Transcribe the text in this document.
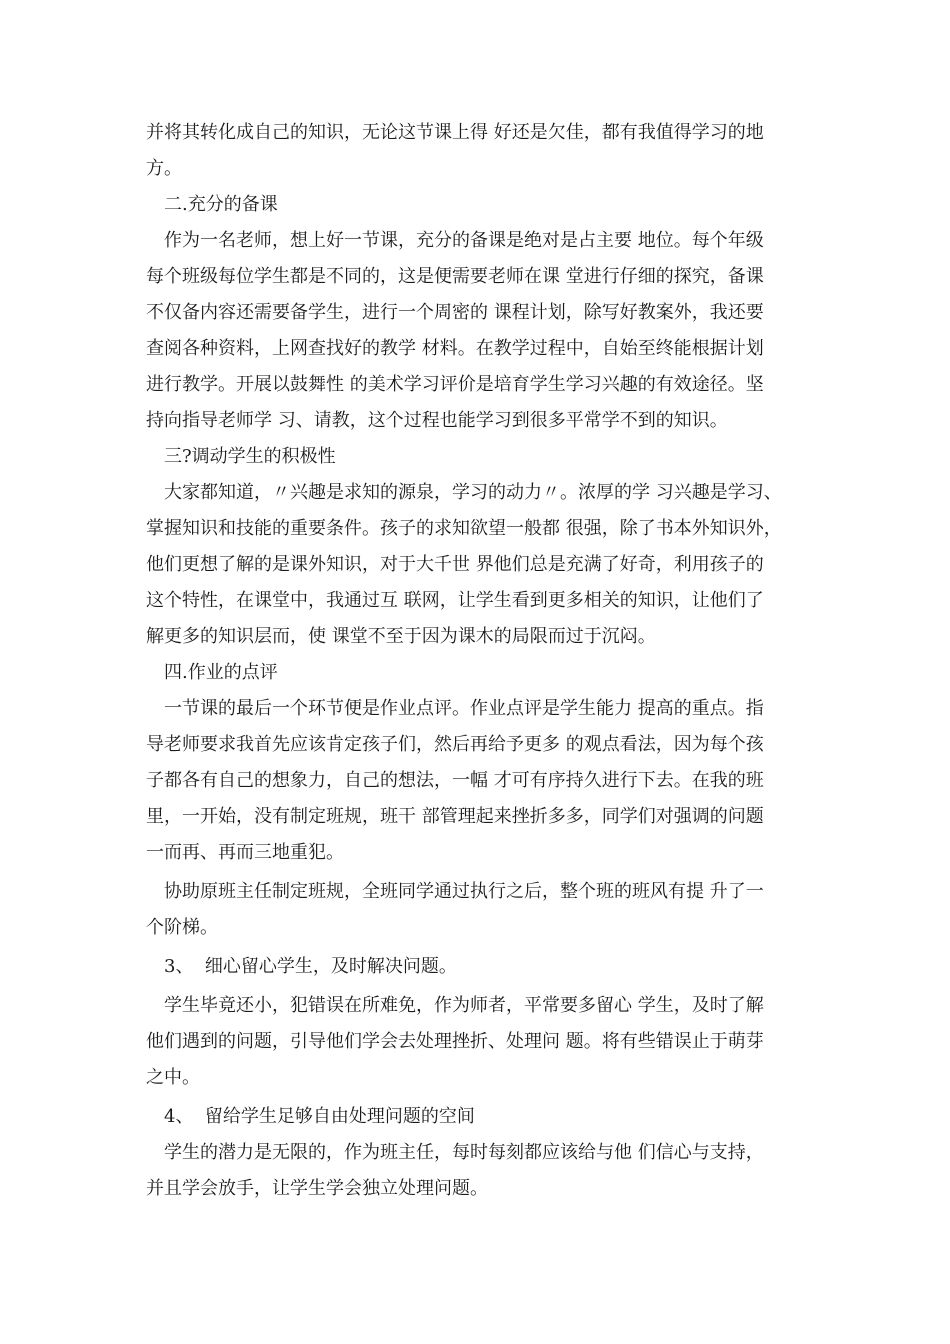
并将其转化成自己的知识，无论这节课上得 好还是欠佳，都有我值得学习的地
方。
二.充分的备课
作为一名老师，想上好一节课，充分的备课是绝对是占主要 地位。每个年级
每个班级每位学生都是不同的，这是便需要老师在课 堂进行仔细的探究，备课
不仅备内容还需要备学生，进行一个周密的 课程计划，除写好教案外，我还要
查阅各种资料，上网查找好的教学 材料。在教学过程中，自始至终能根据计划
进行教学。开展以鼓舞性 的美术学习评价是培育学生学习兴趣的有效途径。坚
持向指导老师学 习、请教，这个过程也能学习到很多平常学不到的知识。
三?调动学生的积极性
大家都知道，〃兴趣是求知的源泉，学习的动力〃。浓厚的学 习兴趣是学习、
掌握知识和技能的重要条件。孩子的求知欲望一般都 很强，除了书本外知识外，
他们更想了解的是课外知识，对于大千世 界他们总是充满了好奇，利用孩子的
这个特性，在课堂中，我通过互 联网，让学生看到更多相关的知识，让他们了
解更多的知识层而，使 课堂不至于因为课木的局限而过于沉闷。
四.作业的点评
一节课的最后一个环节便是作业点评。作业点评是学生能力 提高的重点。指
导老师要求我首先应该肯定孩子们，然后再给予更多 的观点看法，因为每个孩
子都各有自己的想象力，自己的想法，一幅 才可有序持久进行下去。在我的班
里，一开始，没有制定班规，班干 部管理起来挫折多多，同学们对强调的问题
一而再、再而三地重犯。
协助原班主任制定班规，全班同学通过执行之后，整个班的班风有提 升了一
个阶梯。
3、  细心留心学生，及时解决问题。
学生毕竟还小，犯错误在所难免，作为师者，平常要多留心 学生，及时了解
他们遇到的问题，引导他们学会去处理挫折、处理问 题。将有些错误止于萌芽
之中。
4、  留给学生足够自由处理问题的空间
学生的潜力是无限的，作为班主任，每时每刻都应该给与他 们信心与支持，
并且学会放手，让学生学会独立处理问题。
